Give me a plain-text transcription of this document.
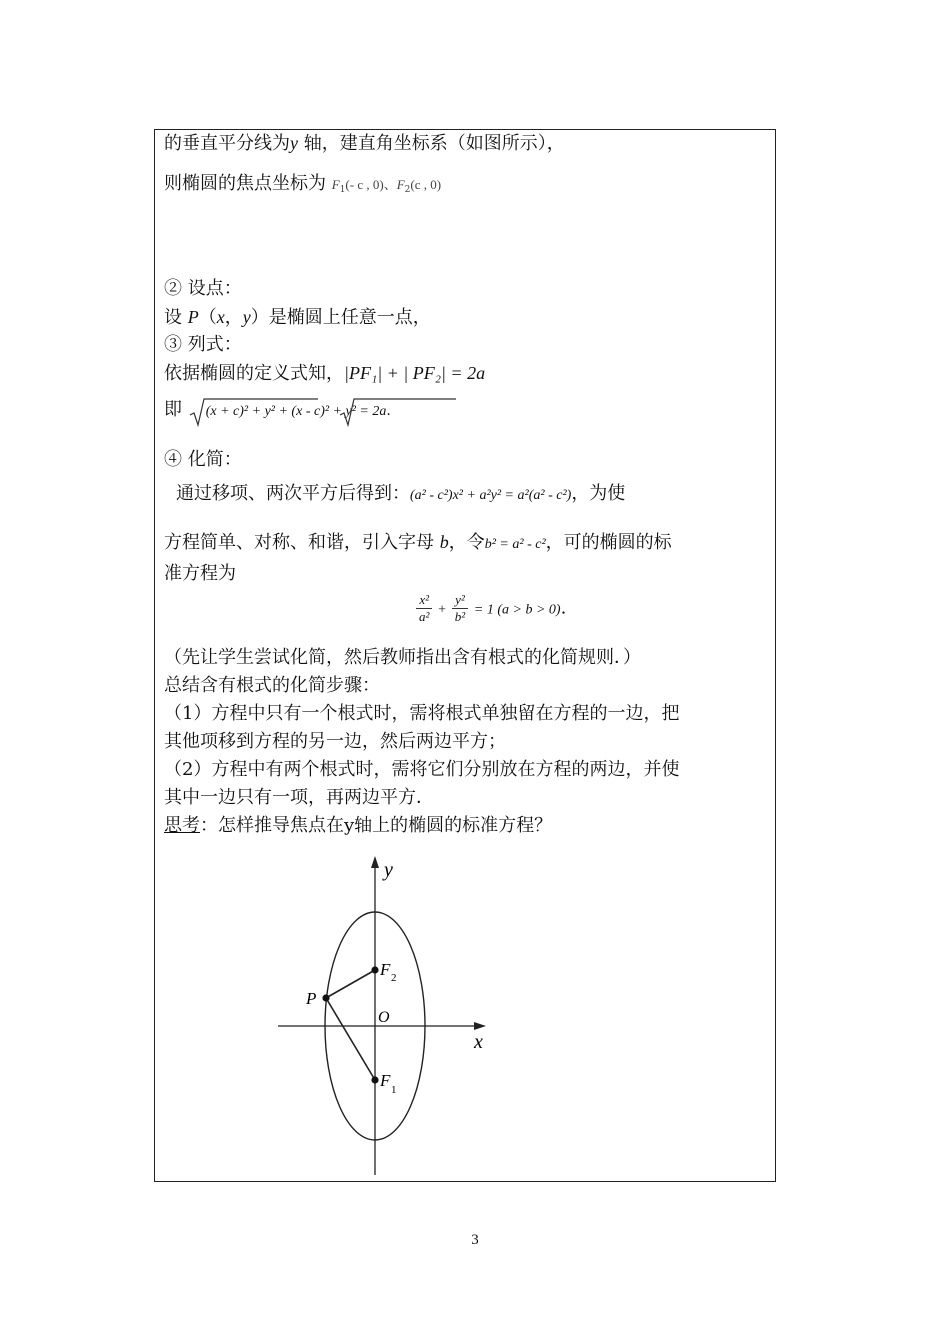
的垂直平分线为y 轴，建直角坐标系（如图所示），
则椭圆的焦点坐标为 $F_1(-$ c , 0)、$F_2(c$ , 0)
② 设点：
设 P（x，y）是椭圆上任意一点，
③ 列式：
依据椭圆的定义式知，|PF₁| + | PF₂| = 2a
即 (x + c)² + y² + (x - c)² + y² = 2a.
④ 化简：
通过移项、两次平方后得到：(a² - c²)x² + a²y² = a²(a² - c²)，为使
方程简单、对称、和谐，引入字母 b，令b² = a² - c²，可的椭圆的标
准方程为
$\frac{\text{x²}}{\text{a²}} + \frac{\text{y²}}{\text{b²}} = 1$ (a > b > 0).
（先让学生尝试化简，然后教师指出含有根式的化简规则．）
总结含有根式的化简步骤：
（1）方程中只有一个根式时，需将根式单独留在方程的一边，把
其他项移到方程的另一边，然后两边平方；
（2）方程中有两个根式时，需将它们分别放在方程的两边，并使
其中一边只有一项，再两边平方．
思考：怎样推导焦点在y轴上的椭圆的标准方程？
y
x
O
P
F 2
F 1
3
